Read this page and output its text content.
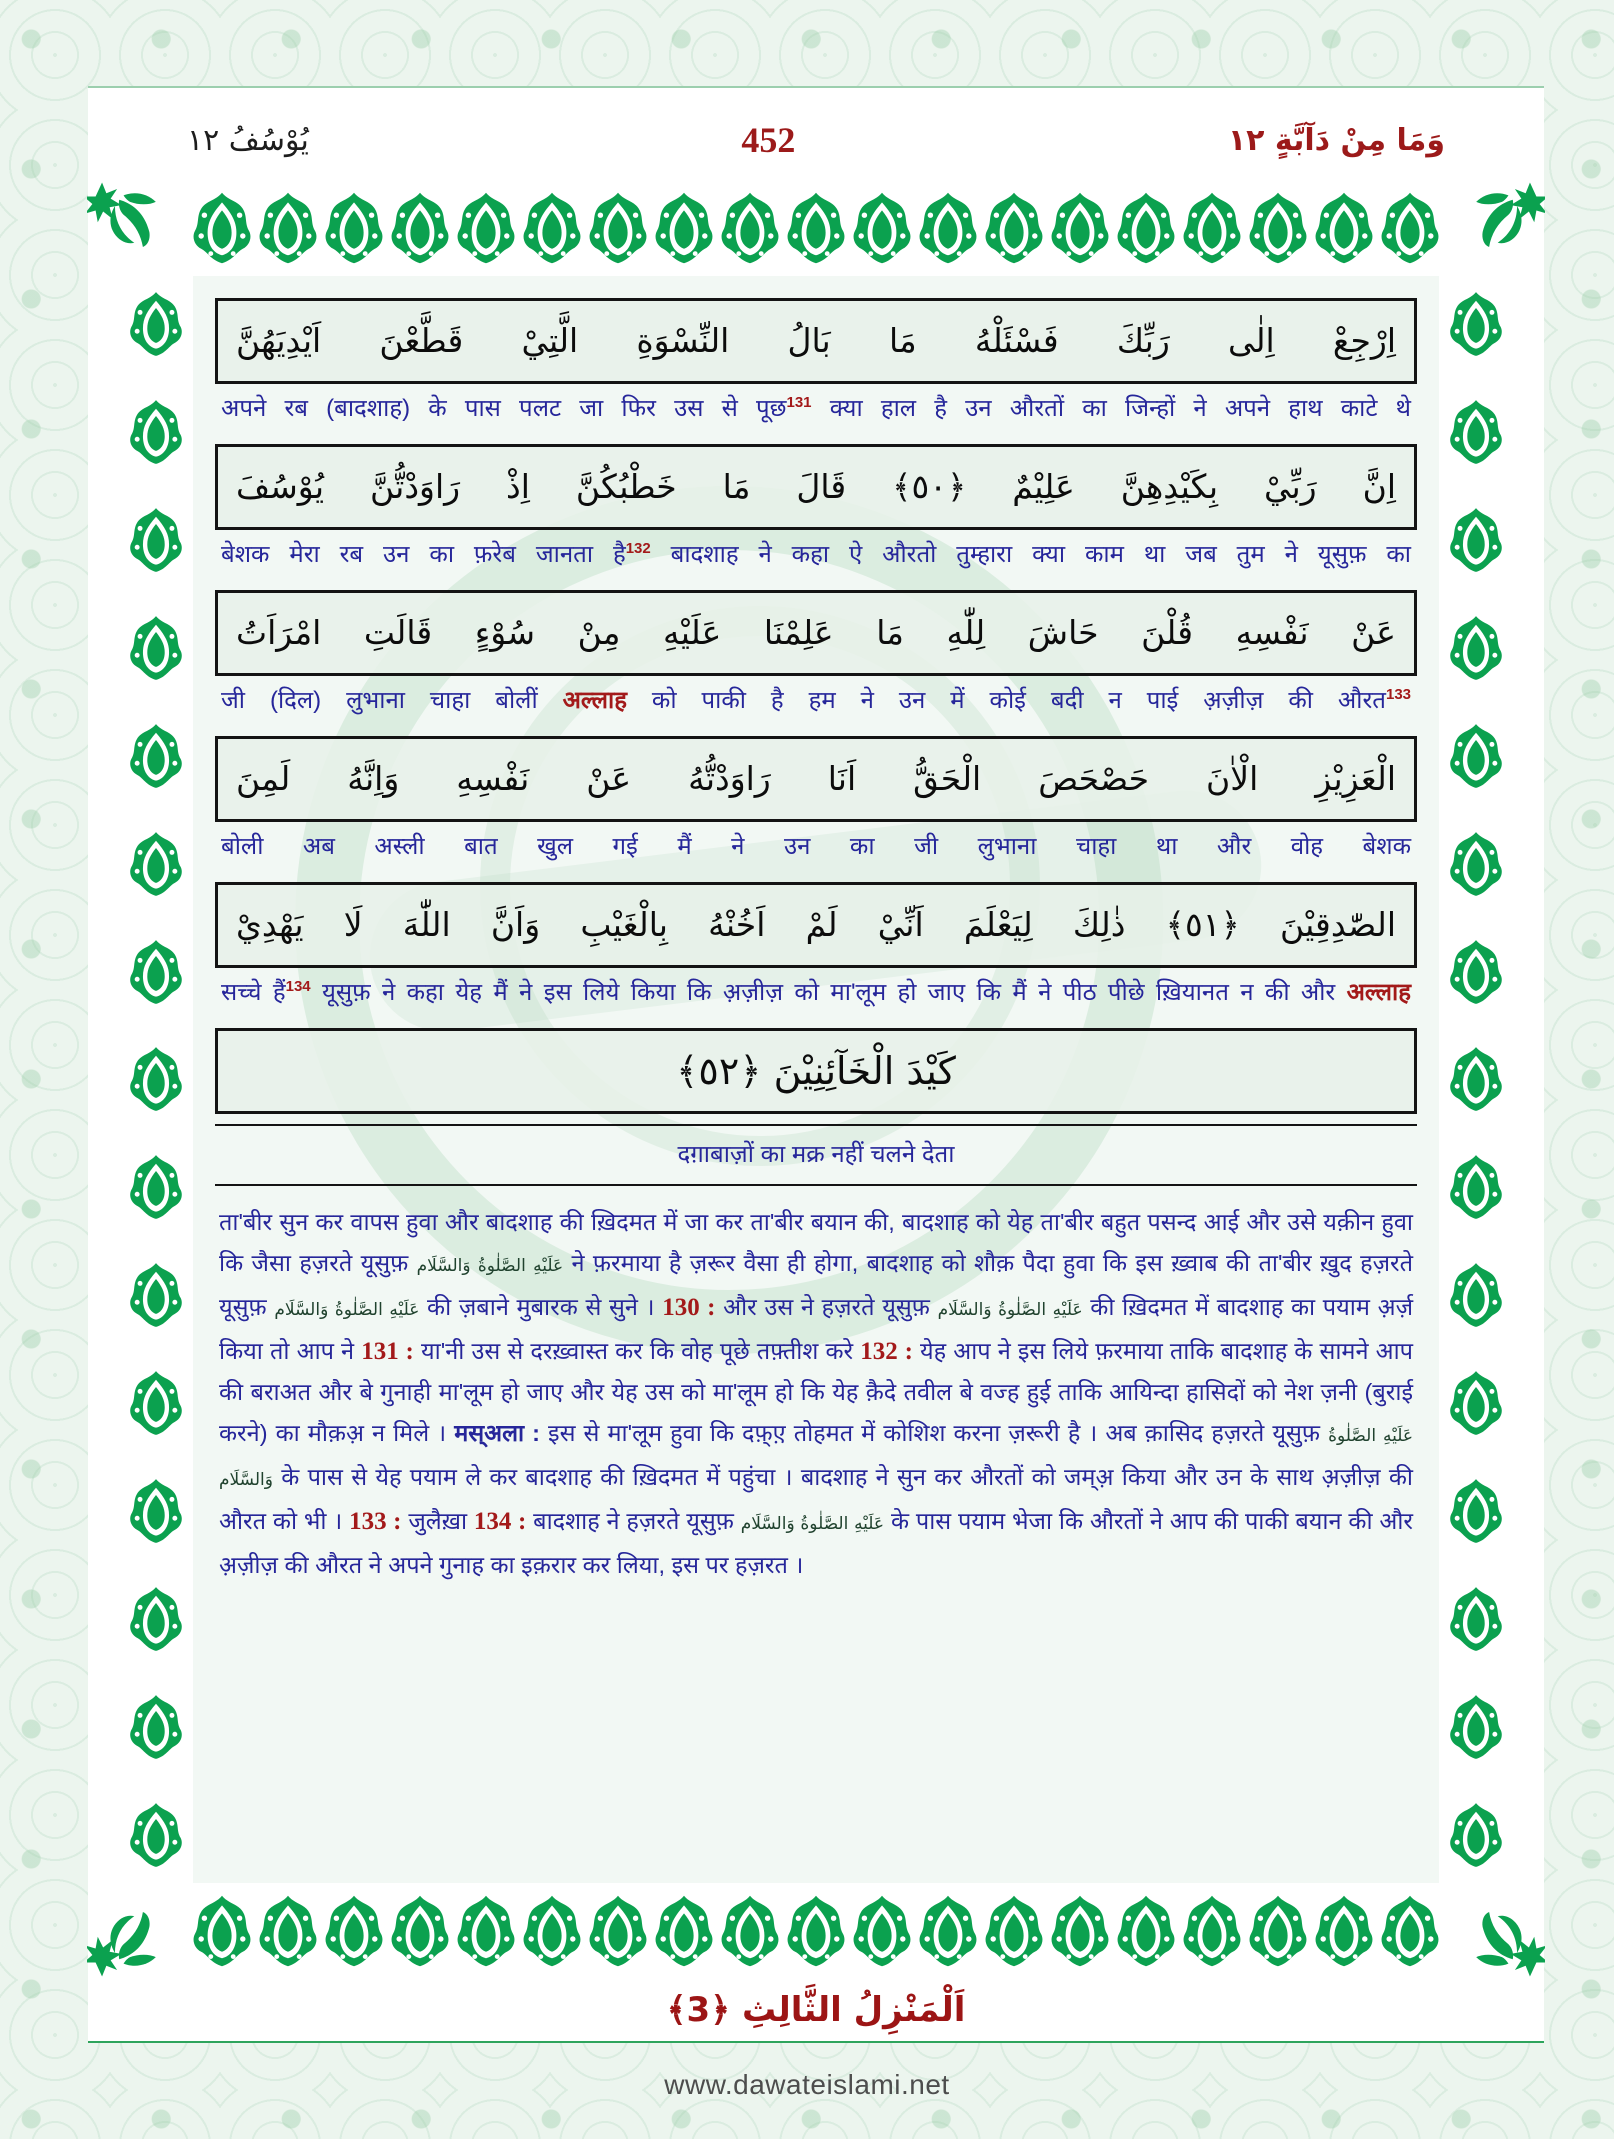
يُوْسُفُ ١٢	452	وَمَا مِنْ دَآبَّةٍ ١٢
اِرْجِعْ اِلٰى رَبِّكَ فَسْئَلْهُ مَا بَالُ النِّسْوَةِ الَّتِيْ قَطَّعْنَ اَيْدِيَهُنَّ
अपने रब (बादशाह) के पास पलट जा फिर उस से पूछ$^{131}$ क्या हाल है उन औरतों का जिन्हों ने अपने हाथ काटे थे
اِنَّ رَبِّيْ بِكَيْدِهِنَّ عَلِيْمٌ ﴿٥٠﴾ قَالَ مَا خَطْبُكُنَّ اِذْ رَاوَدْتُّنَّ يُوْسُفَ
बेशक मेरा रब उन का फ़रेब जानता है$^{132}$ बादशाह ने कहा ऐ औरतो तुम्हारा क्या काम था जब तुम ने यूसुफ़ का
عَنْ نَفْسِهِ قُلْنَ حَاشَ لِلّٰهِ مَا عَلِمْنَا عَلَيْهِ مِنْ سُوْءٍ قَالَتِ امْرَاَتُ
जी (दिल) लुभाना चाहा बोलीं अल्लाह को पाकी है हम ने उन में कोई बदी न पाई अ़ज़ीज़ की औरत$^{133}$
الْعَزِيْزِ الْاٰنَ حَصْحَصَ الْحَقُّ اَنَا رَاوَدْتُّهُ عَنْ نَفْسِهِ وَاِنَّهُ لَمِنَ
बोली अब अस्ली बात खुल गई मैं ने उन का जी लुभाना चाहा था और वोह बेशक
الصّٰدِقِيْنَ ﴿٥١﴾ ذٰلِكَ لِيَعْلَمَ اَنِّيْ لَمْ اَخُنْهُ بِالْغَيْبِ وَاَنَّ اللّٰهَ لَا يَهْدِيْ
सच्चे हैं$^{134}$ यूसुफ़ ने कहा येह मैं ने इस लिये किया कि अ़ज़ीज़ को मा'लूम हो जाए कि मैं ने पीठ पीछे ख़ियानत न की और अल्लाह
كَيْدَ الْخَآئِنِيْنَ ﴿٥٢﴾
दग़ाबाज़ों का मक्र नहीं चलने देता
ता'बीर सुन कर वापस हुवा और बादशाह की ख़िदमत में जा कर ता'बीर बयान की, बादशाह को येह ता'बीर बहुत पसन्द आई और उसे यक़ीन हुवा कि जैसा हज़रते यूसुफ़ عَلَيْهِ الصَّلٰوةُ وَالسَّلَام ने फ़रमाया है ज़रूर वैसा ही होगा, बादशाह को शौक़ पैदा हुवा कि इस ख़्वाब की ता'बीर ख़ुद हज़रते यूसुफ़ عَلَيْهِ الصَّلٰوةُ وَالسَّلَام की ज़बाने मुबारक से सुने । 130 : और उस ने हज़रते यूसुफ़ عَلَيْهِ الصَّلٰوةُ وَالسَّلَام की ख़िदमत में बादशाह का पयाम अ़र्ज़ किया तो आप ने 131 : या'नी उस से दरख़्वास्त कर कि वोह पूछे तफ़्तीश करे 132 : येह आप ने इस लिये फ़रमाया ताकि बादशाह के सामने आप की बराअत और बे गुनाही मा'लूम हो जाए और येह उस को मा'लूम हो कि येह क़ैदे तवील बे वज्ह हुई ताकि आयिन्दा हासिदों को नेश ज़नी (बुराई करने) का मौक़अ़ न मिले । मस्अला : इस से मा'लूम हुवा कि दफ़्ए़ तोहमत में कोशिश करना ज़रूरी है । अब क़ासिद हज़रते यूसुफ़ عَلَيْهِ الصَّلٰوةُ وَالسَّلَام के पास से येह पयाम ले कर बादशाह की ख़िदमत में पहुंचा । बादशाह ने सुन कर औरतों को जम्अ़ किया और उन के साथ अ़ज़ीज़ की औरत को भी । 133 : जुलैख़ा 134 : बादशाह ने हज़रते यूसुफ़ عَلَيْهِ الصَّلٰوةُ وَالسَّلَام के पास पयाम भेजा कि औरतों ने आप की पाकी बयान की और अ़ज़ीज़ की औरत ने अपने गुनाह का इक़रार कर लिया, इस पर हज़रत ।
اَلْمَنْزِلُ الثَّالِثِ ﴿3﴾
www.dawateislami.net
